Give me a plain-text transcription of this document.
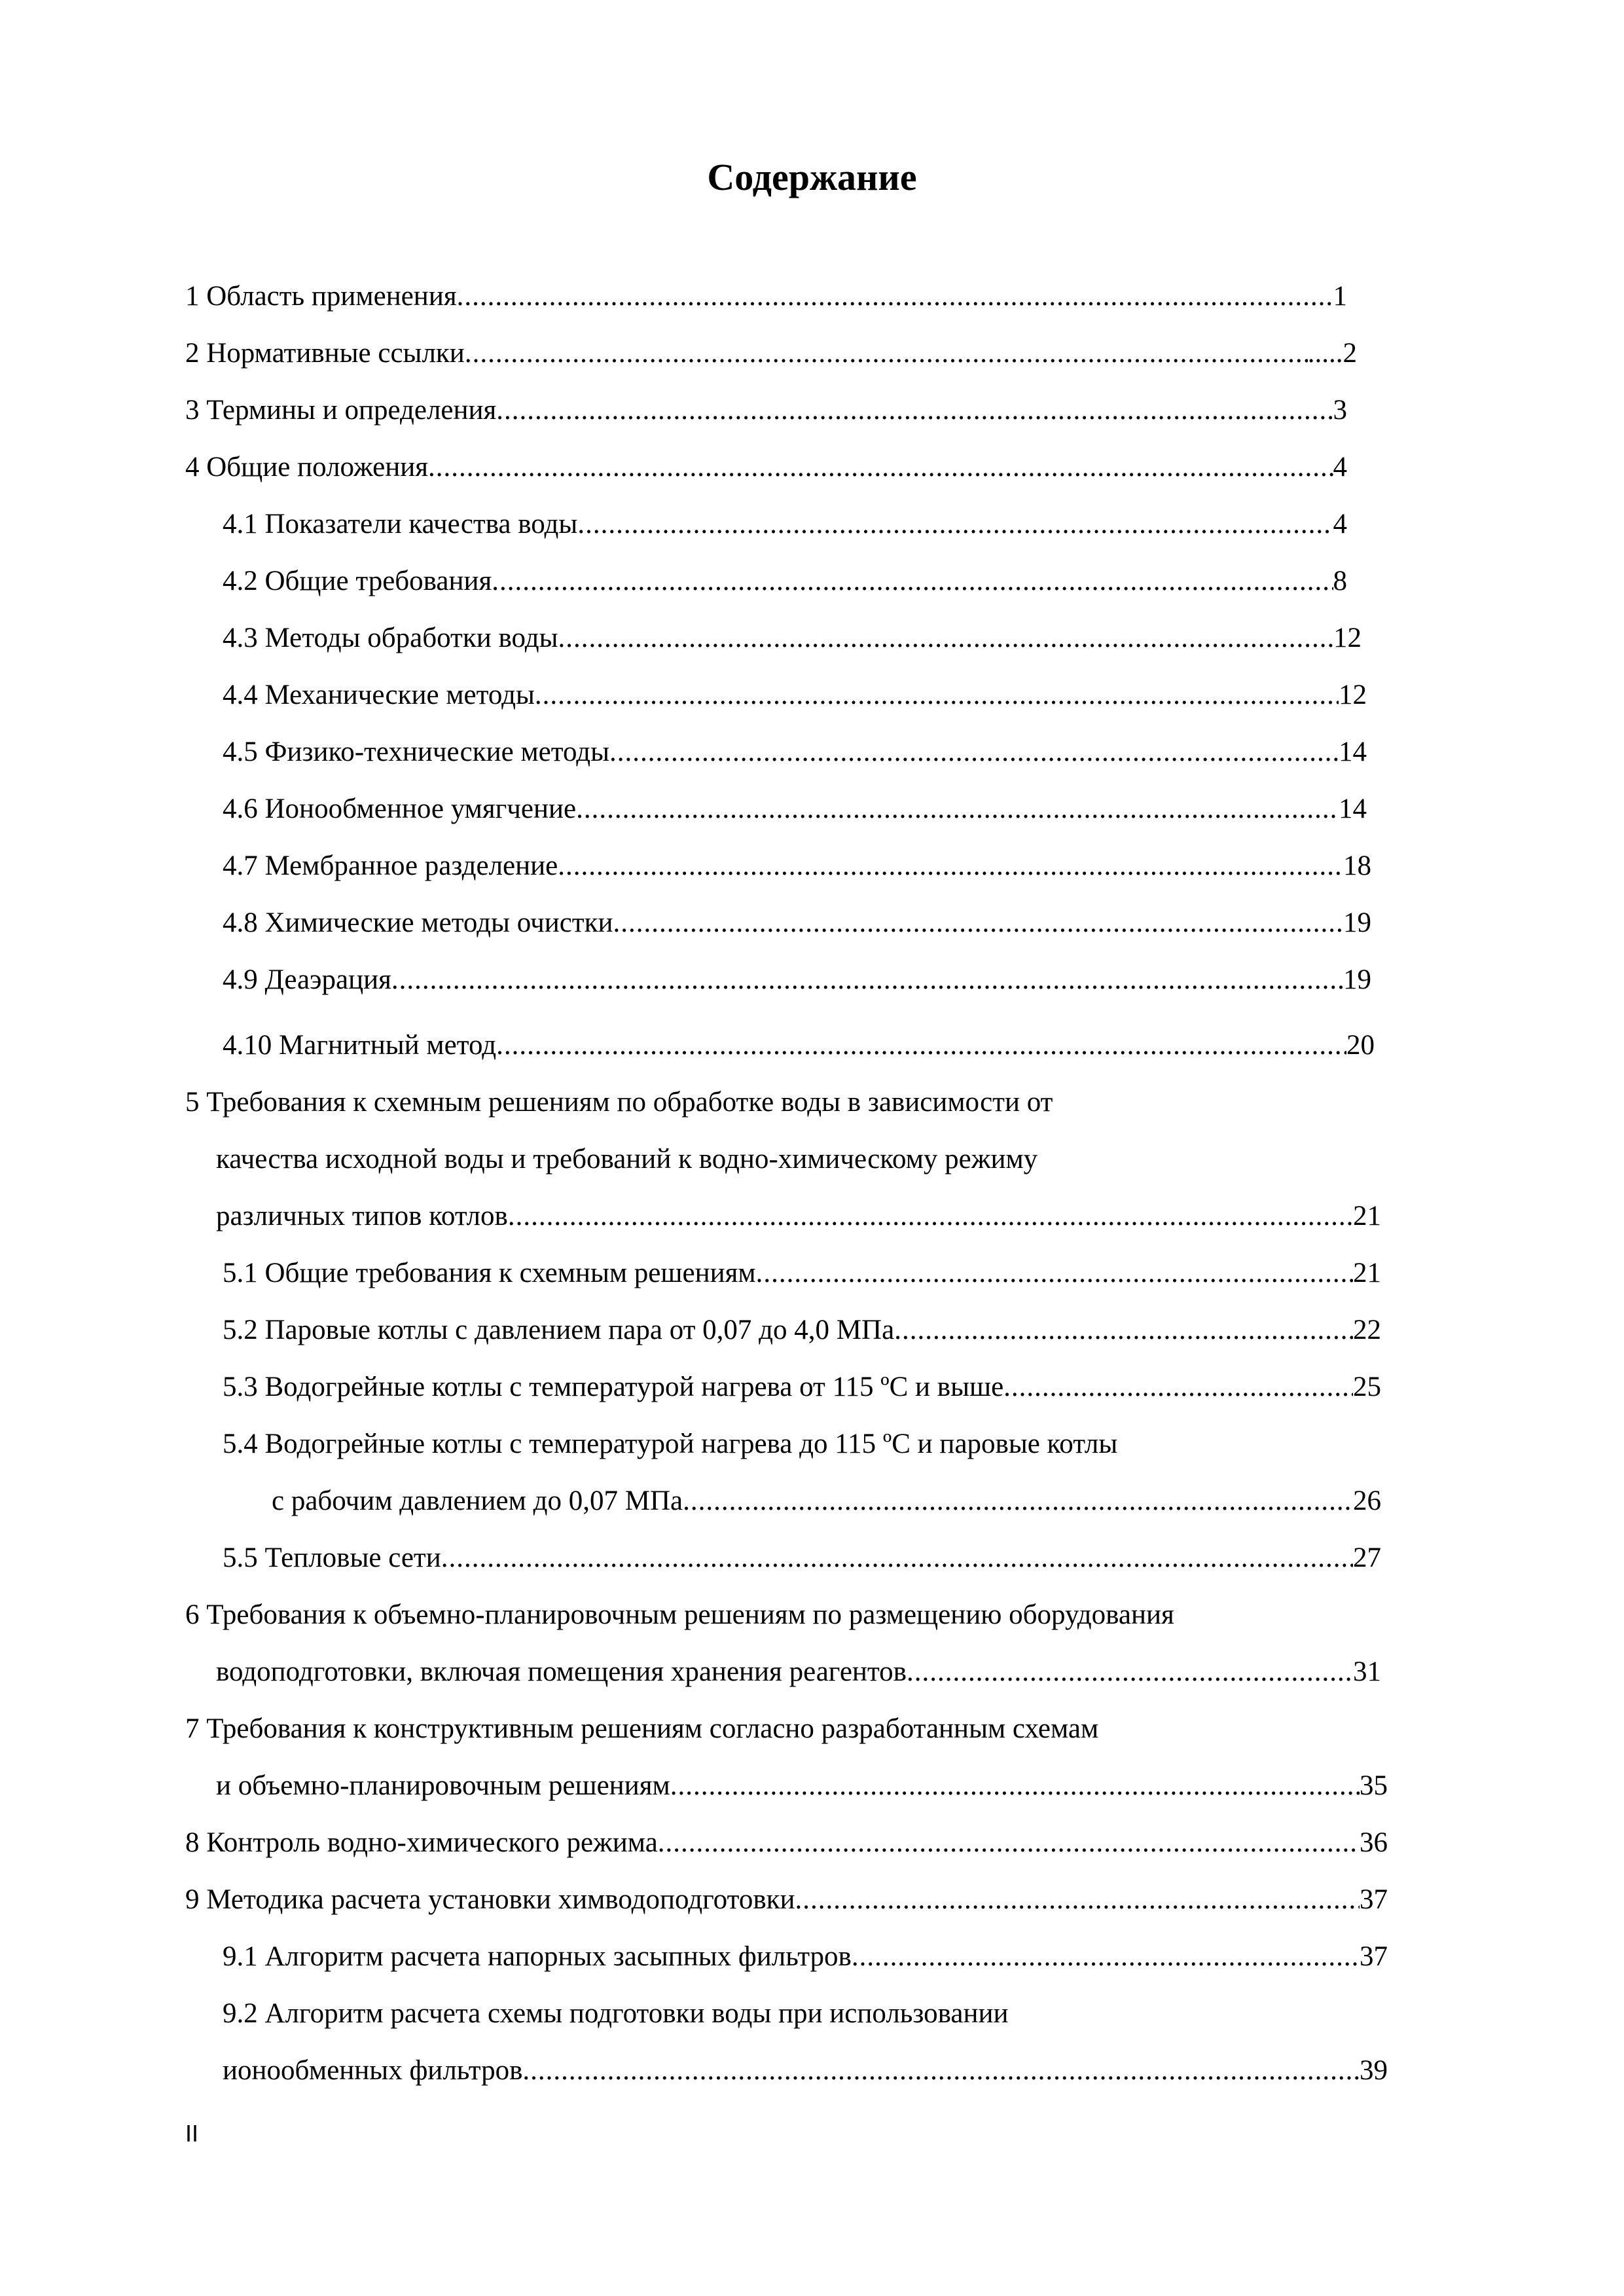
Содержание
1 Область применения .....	1
2 Нормативные ссылки .....	.....2
3 Термины и определения .....	3
4 Общие положения .....	4
4.1 Показатели качества воды .....	4
4.2 Общие требования .....	8
4.3 Методы обработки воды .....	12
4.4 Механические методы .....	12
4.5 Физико-технические методы .....	14
4.6 Ионообменное умягчение .....	14
4.7 Мембранное разделение .....	18
4.8 Химические методы очистки .....	19
4.9 Деаэрация .....	19
4.10 Магнитный метод .....	20
5 Требования к схемным решениям по обработке воды в зависимости от
качества исходной воды и требований к водно-химическому режиму
различных типов котлов .....	21
5.1 Общие требования к схемным решениям .....	21
5.2 Паровые котлы с давлением пара от 0,07 до 4,0 МПа .....	22
5.3 Водогрейные котлы с температурой нагрева от 115 ºС и выше .....	25
5.4 Водогрейные котлы с температурой нагрева до 115 ºС и паровые котлы
с рабочим давлением до 0,07 МПа .....	26
5.5 Тепловые сети .....	27
6 Требования к объемно-планировочным решениям по размещению оборудования
водоподготовки, включая помещения хранения реагентов .....	31
7 Требования к конструктивным решениям согласно разработанным схемам
и объемно-планировочным решениям .....	35
8 Контроль водно-химического режима .....	36
9 Методика расчета установки химводоподготовки .....	37
9.1 Алгоритм расчета напорных засыпных фильтров .....	37
9.2 Алгоритм расчета схемы подготовки воды при использовании
ионообменных фильтров .....	39
II
